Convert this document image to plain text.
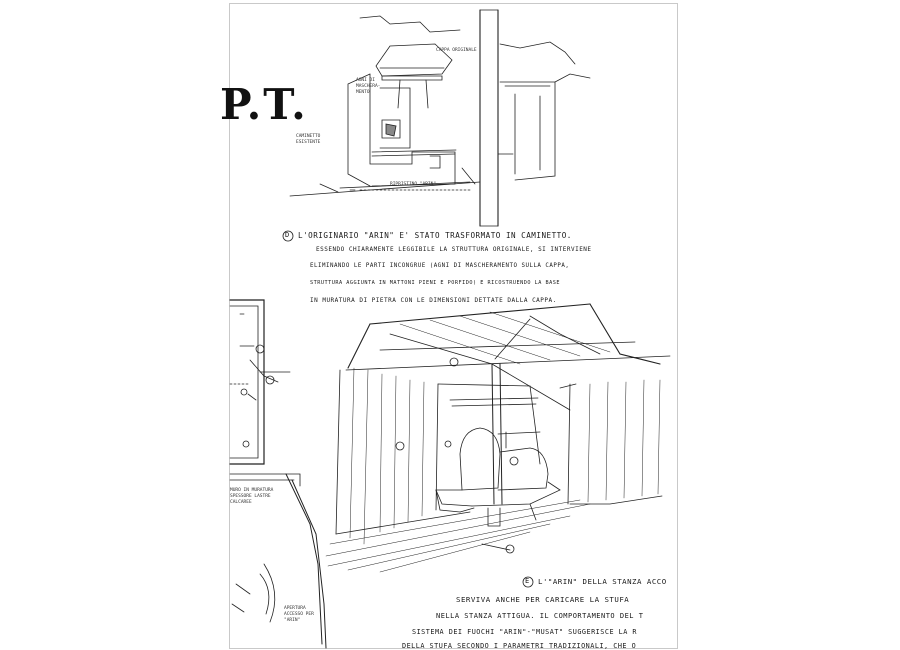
P.T.
CAPPA ORIGINALE
AGNI DI MASCHERA- MENTO
CAMINETTO ESISTENTE
RIPRISTINO "ARIN"
MURO IN MURATURA SPESSORE LASTRE CALCAREE
APERTURA ACCESSO PER "ARIN"
D L'ORIGINARIO "ARIN" E' STATO TRASFORMATO IN CAMINETTO.
ESSENDO CHIARAMENTE LEGGIBILE LA STRUTTURA ORIGINALE, SI INTERVIENE
ELIMINANDO LE PARTI INCONGRUE (AGNI DI MASCHERAMENTO SULLA CAPPA,
STRUTTURA AGGIUNTA IN MATTONI PIENI E PORFIDO) E RICOSTRUENDO LA BASE
IN MURATURA DI PIETRA CON LE DIMENSIONI DETTATE DALLA CAPPA.
E L'"ARIN" DELLA STANZA ACCO
SERVIVA ANCHE PER CARICARE LA STUFA
NELLA STANZA ATTIGUA. IL COMPORTAMENTO DEL T
SISTEMA DEI FUOCHI "ARIN"-"MUSAT" SUGGERISCE LA R
DELLA STUFA SECONDO I PARAMETRI TRADIZIONALI, CHE O
